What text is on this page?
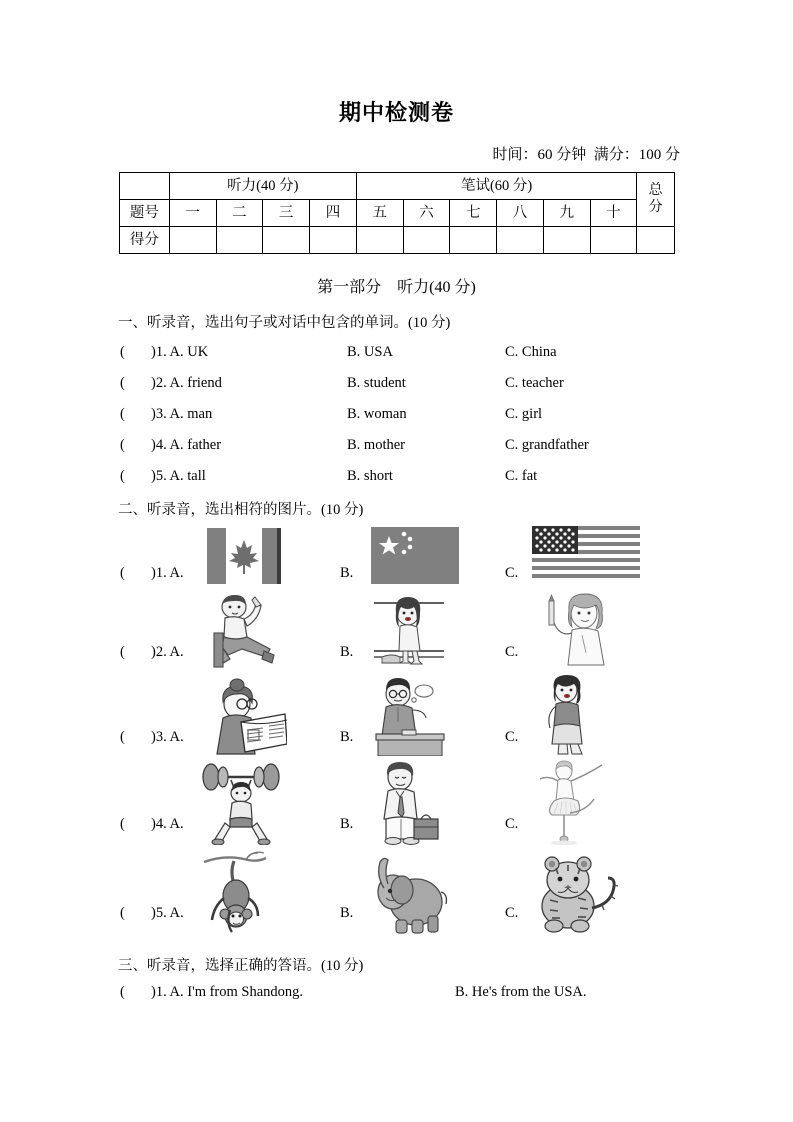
期中检测卷
时间：60 分钟  满分：100 分
	听力(40 分)				笔试(60 分)						总
分
题号	一	二	三	四	五	六	七	八	九	十	
得分											
第一部分　听力(40 分)
一、听录音，选出句子或对话中包含的单词。(10 分)
( )1. A. UK	B. USA	C. China
( )2. A. friend	B. student	C. teacher
( )3. A. man	B. woman	C. girl
( )4. A. father	B. mother	C. grandfather
( )5. A. tall	B. short	C. fat
二、听录音，选出相符的图片。(10 分)
( )1. A.	B.	C.
( )2. A.	B.	C.
( )3. A.	B.	C.
( )4. A.	B.	C.
( )5. A.	B.	C.
三、听录音，选择正确的答语。(10 分)
( )1. A. I'm from Shandong.	B. He's from the USA.
